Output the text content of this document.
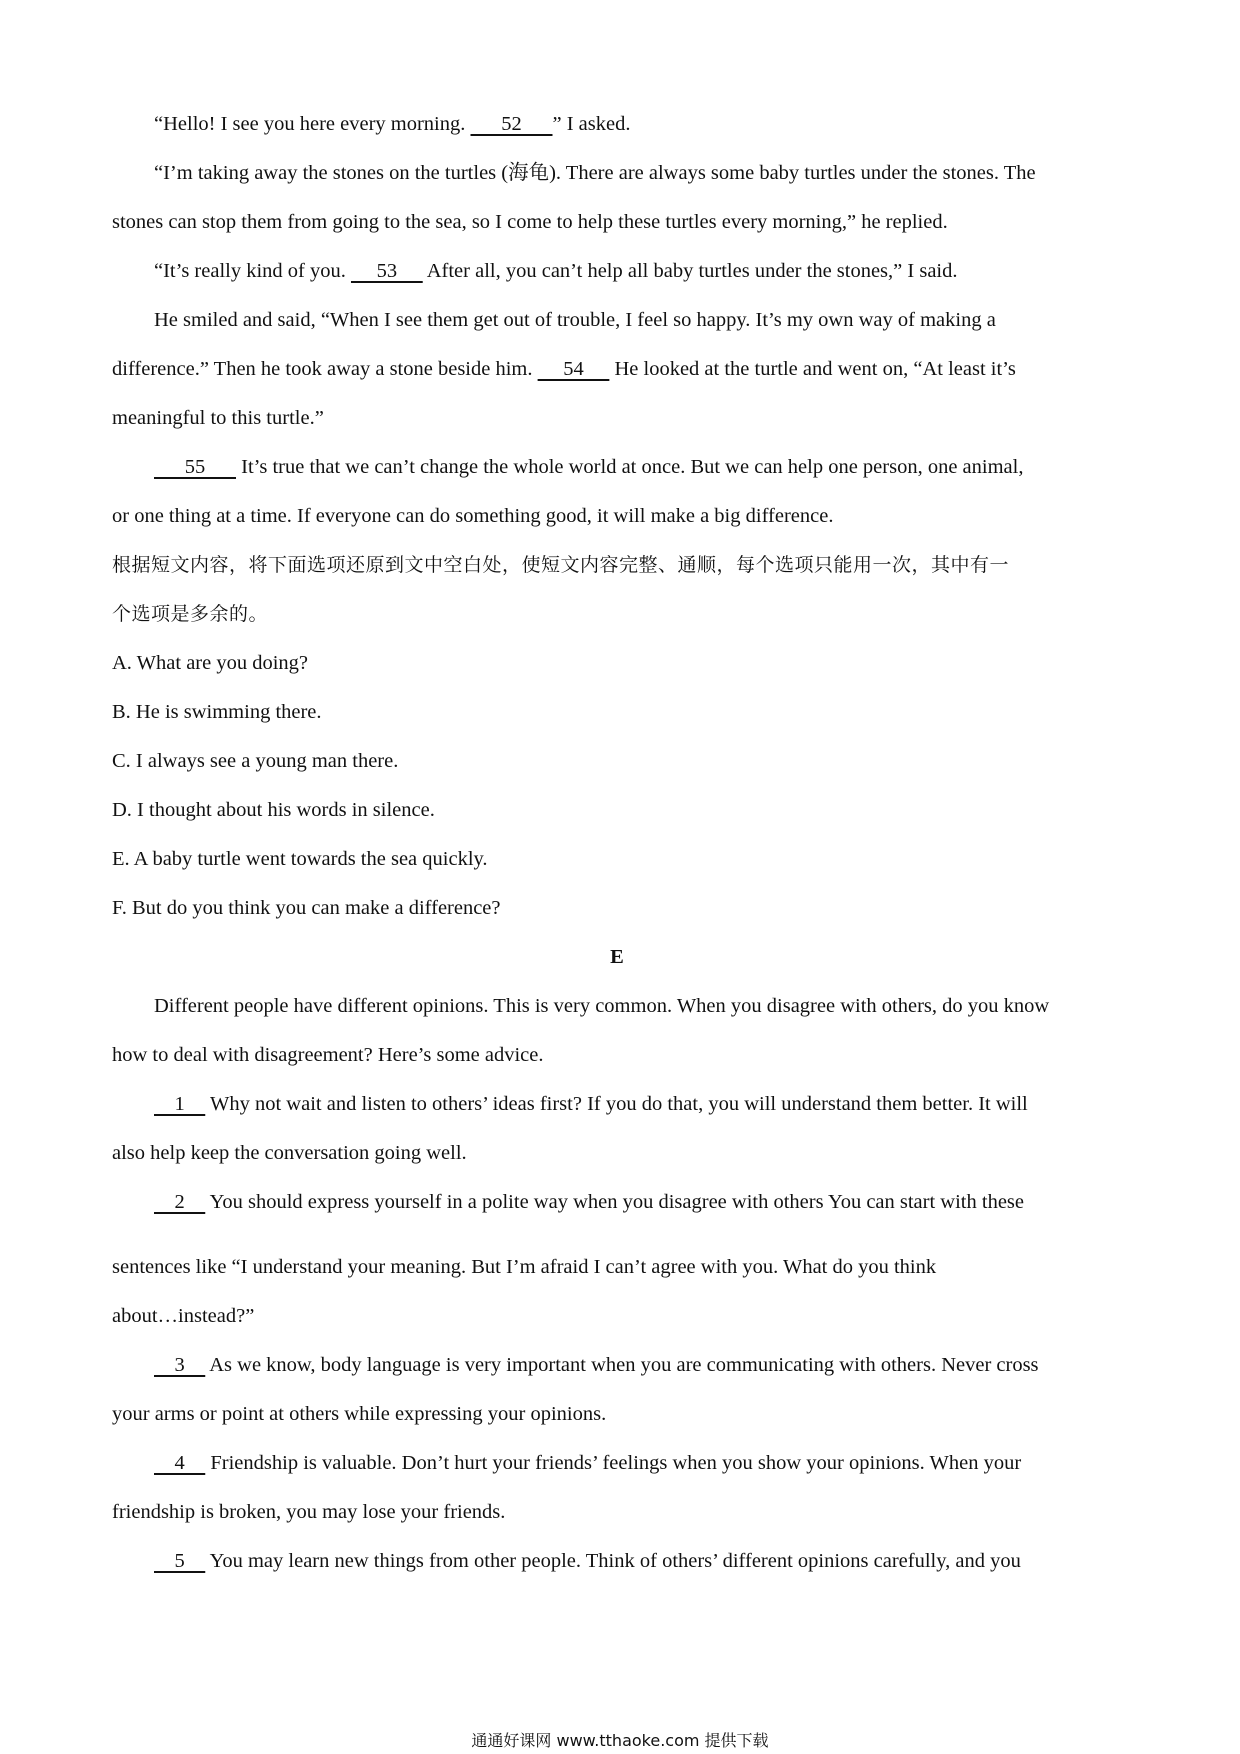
“Hello! I see you here every morning.       52      ” I asked.

“I’m taking away the stones on the turtles (海龟). There are always some baby turtles under the stones. The

stones can stop them from going to the sea, so I come to help these turtles every morning,” he replied.

“It’s really kind of you.      53      After all, you can’t help all baby turtles under the stones,” I said.

He smiled and said, “When I see them get out of trouble, I feel so happy. It’s my own way of making a

difference.” Then he took away a stone beside him.      54      He looked at the turtle and went on, “At least it’s

meaningful to this turtle.”

55       It’s true that we can’t change the whole world at once. But we can help one person, one animal,

or one thing at a time. If everyone can do something good, it will make a big difference.

根据短文内容，将下面选项还原到文中空白处，使短文内容完整、通顺，每个选项只能用一次，其中有一

个选项是多余的。

A. What are you doing?

B. He is swimming there.

C. I always see a young man there.

D. I thought about his words in silence.

E. A baby turtle went towards the sea quickly.

F. But do you think you can make a difference?

E

Different people have different opinions. This is very common. When you disagree with others, do you know

how to deal with disagreement? Here’s some advice.

1     Why not wait and listen to others’ ideas first? If you do that, you will understand them better. It will

also help keep the conversation going well.

2     You should express yourself in a polite way when you disagree with others You can start with these

sentences like “I understand your meaning. But I’m afraid I can’t agree with you. What do you think

about…instead?”

3     As we know, body language is very important when you are communicating with others. Never cross

your arms or point at others while expressing your opinions.

4     Friendship is valuable. Don’t hurt your friends’ feelings when you show your opinions. When your

friendship is broken, you may lose your friends.

5     You may learn new things from other people. Think of others’ different opinions carefully, and you

通通好课网 www.tthaoke.com 提供下载
